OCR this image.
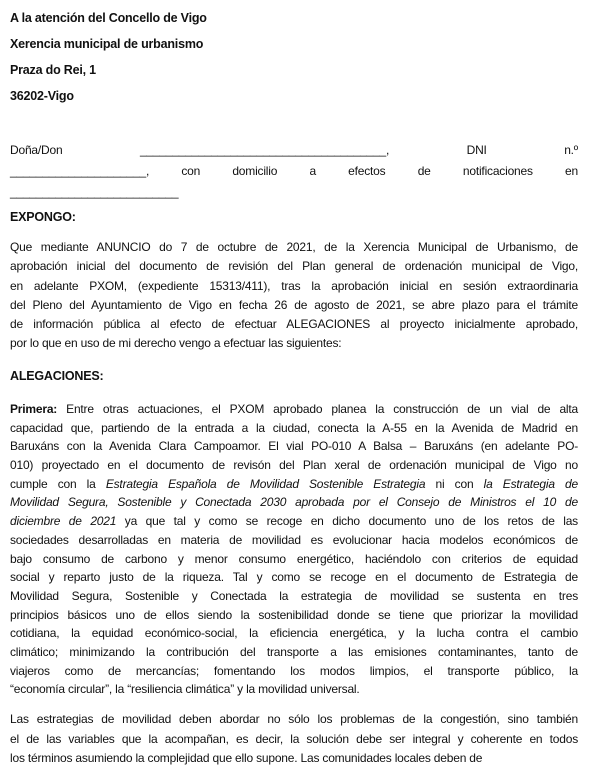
A la atención del Concello de Vigo
Xerencia municipal de urbanismo
Praza do Rei, 1
36202-Vigo
Doña/Don ______________________________________, DNI n.º
_____________________, con domicilio a efectos de notificaciones en
__________________________
EXPONGO:
Que mediante ANUNCIO do 7 de octubre de 2021, de la Xerencia Municipal de Urbanismo, de
aprobación inicial del documento de revisión del Plan general de ordenación municipal de Vigo,
en adelante PXOM, (expediente 15313/411), tras la aprobación inicial en sesión extraordinaria
del Pleno del Ayuntamiento de Vigo en fecha 26 de agosto de 2021, se abre plazo para el trámite
de información pública al efecto de efectuar ALEGACIONES al proyecto inicialmente aprobado,
por lo que en uso de mi derecho vengo a efectuar las siguientes:
ALEGACIONES:
Primera: Entre otras actuaciones, el PXOM aprobado planea la construcción de un vial de alta
capacidad que, partiendo de la entrada a la ciudad, conecta la A-55 en la Avenida de Madrid en
Baruxáns con la Avenida Clara Campoamor. El vial PO-010 A Balsa – Baruxáns (en adelante PO-
010) proyectado en el documento de revisón del Plan xeral de ordenación municipal de Vigo no
cumple con la Estrategia Española de Movilidad Sostenible Estrategia ni con la Estrategia de
Movilidad Segura, Sostenible y Conectada 2030 aprobada por el Consejo de Ministros el 10 de
diciembre de 2021 ya que tal y como se recoge en dicho documento uno de los retos de las
sociedades desarrolladas en materia de movilidad es evolucionar hacia modelos económicos de
bajo consumo de carbono y menor consumo energético, haciéndolo con criterios de equidad
social y reparto justo de la riqueza. Tal y como se recoge en el documento de Estrategia de
Movilidad Segura, Sostenible y Conectada la estrategia de movilidad se sustenta en tres
principios básicos uno de ellos siendo la sostenibilidad donde se tiene que priorizar la movilidad
cotidiana, la equidad económico-social, la eficiencia energética, y la lucha contra el cambio
climático; minimizando la contribución del transporte a las emisiones contaminantes, tanto de
viajeros como de mercancías; fomentando los modos limpios, el transporte público, la
“economía circular”, la “resiliencia climática” y la movilidad universal.
Las estrategias de movilidad deben abordar no sólo los problemas de la congestión, sino también
el de las variables que la acompañan, es decir, la solución debe ser integral y coherente en todos
los términos asumiendo la complejidad que ello supone. Las comunidades locales deben de
